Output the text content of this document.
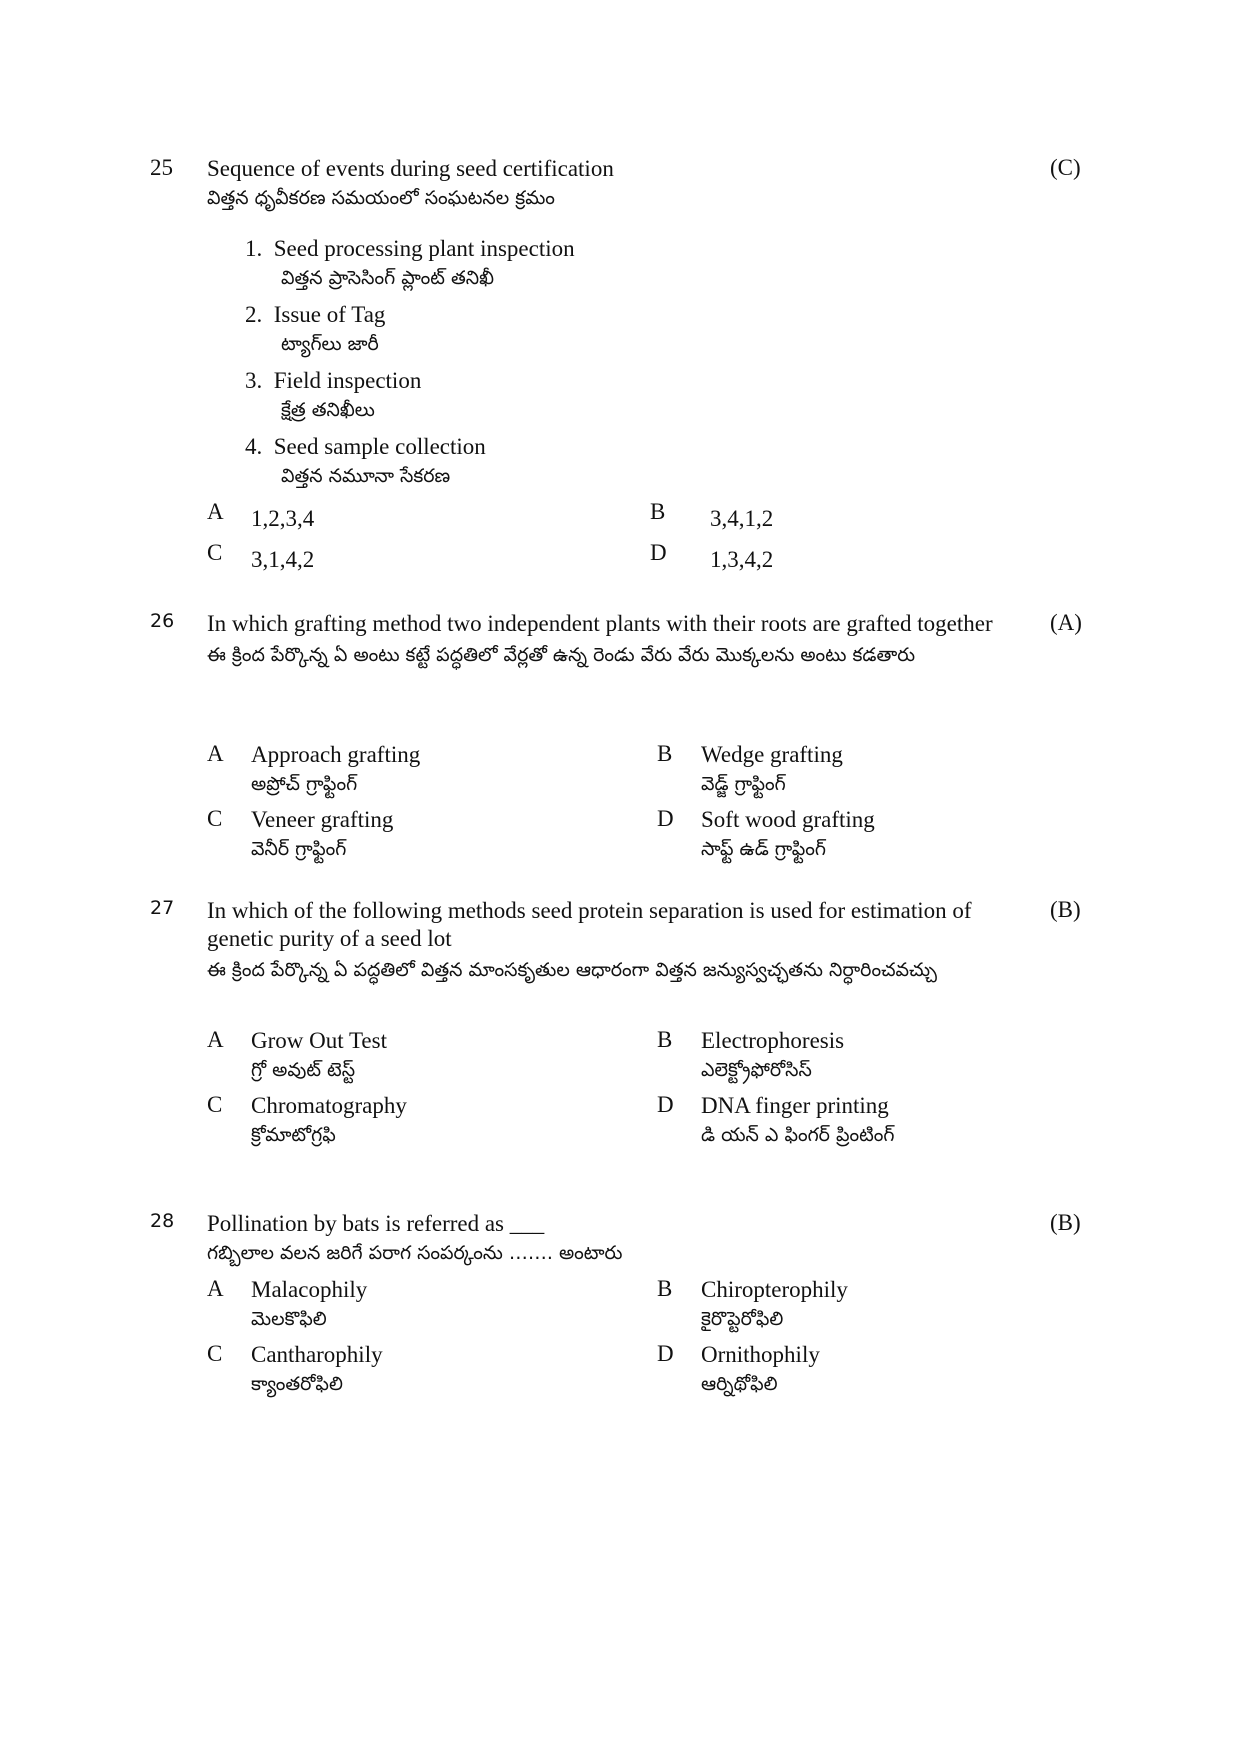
25 Sequence of events during seed certification
విత్తన ధృవీకరణ సమయంలో సంఘటనల క్రమం
(C)
1. Seed processing plant inspection
విత్తన ప్రాసెసింగ్ ప్లాంట్ తనిఖీ
2. Issue of Tag
ట్యాగ్‌లు జారీ
3. Field inspection
క్షేత్ర తనిఖీలు
4. Seed sample collection
విత్తన నమూనా సేకరణ
A 1,2,3,4	B 3,4,1,2
C 3,1,4,2	D 1,3,4,2
26 In which grafting method two independent plants with their roots are grafted together
ఈ క్రింద పేర్కొన్న ఏ అంటు కట్టే పద్ధతిలో వేర్లతో ఉన్న రెండు వేరు వేరు మొక్కలను అంటు కడతారు
(A)
A Approach grafting
అప్రోచ్ గ్రాఫ్టింగ్
B Wedge grafting
వెడ్జ్ గ్రాఫ్టింగ్
C Veneer grafting
వెనీర్ గ్రాఫ్టింగ్
D Soft wood grafting
సాఫ్ట్ ఉడ్ గ్రాఫ్టింగ్
27 In which of the following methods seed protein separation is used for estimation of genetic purity of a seed lot
ఈ క్రింద పేర్కొన్న ఏ పద్ధతిలో విత్తన మాంసకృతుల ఆధారంగా విత్తన జన్యుస్వచ్ఛతను నిర్ధారించవచ్చు
(B)
A Grow Out Test
గ్రో అవుట్ టెస్ట్
B Electrophoresis
ఎలెక్ట్రోఫోరోసిస్
C Chromatography
క్రోమాటోగ్రఫి
D DNA finger printing
డి యన్ ఎ ఫింగర్ ప్రింటింగ్
28 Pollination by bats is referred as ___
గబ్బిలాల వలన జరిగే పరాగ సంపర్కంను ……. అంటారు
(B)
A Malacophily
మెలకొఫిలి
B Chiropterophily
కైరొప్టెరోఫిలి
C Cantharophily
క్యాంతరోఫిలి
D Ornithophily
ఆర్నిథోఫిలి
